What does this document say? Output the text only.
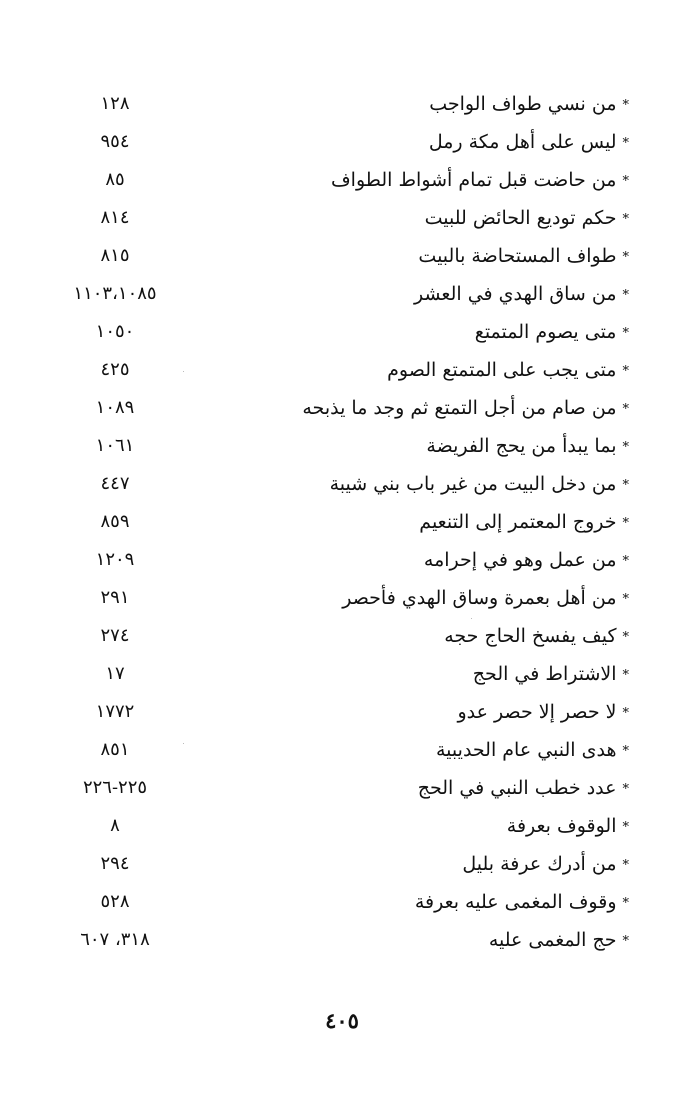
*من نسي طواف الواجب
١٢٨
*ليس على أهل مكة رمل
٩٥٤
*من حاضت قبل تمام أشواط الطواف
٨٥
*حكم توديع الحائض للبيت
٨١٤
*طواف المستحاضة بالبيت
٨١٥
*من ساق الهدي في العشر
١١٠٣،١٠٨٥
*متى يصوم المتمتع
١٠٥٠
*متى يجب على المتمتع الصوم
٤٢٥
*من صام من أجل التمتع ثم وجد ما يذبحه
١٠٨٩
*بما يبدأ من يحج الفريضة
١٠٦١
*من دخل البيت من غير باب بني شيبة
٤٤٧
*خروج المعتمر إلى التنعيم
٨٥٩
*من عمل وهو في إحرامه
١٢٠٩
*من أهل بعمرة وساق الهدي فأحصر
٢٩١
*كيف يفسخ الحاج حجه
٢٧٤
*الاشتراط في الحج
١٧
*لا حصر إلا حصر عدو
١٧٧٢
*هدى النبي عام الحديبية
٨٥١
*عدد خطب النبي في الحج
٢٢٥-٢٢٦
*الوقوف بعرفة
٨
*من أدرك عرفة بليل
٢٩٤
*وقوف المغمى عليه بعرفة
٥٢٨
*حج المغمى عليه
٣١٨، ٦٠٧
٤٠٥
